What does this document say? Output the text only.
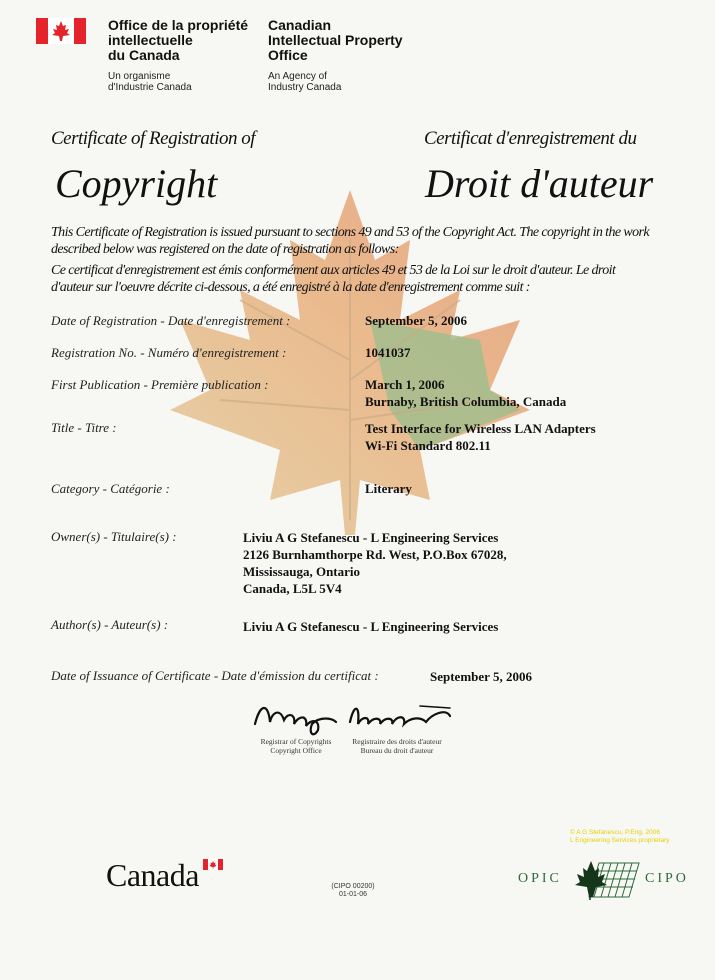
Office de la propriété
intellectuelle
du Canada
Un organisme
d'Industrie Canada
Canadian
Intellectual Property
Office
An Agency of
Industry Canada
Certificate of Registration of	Certificat d'enregistrement du
Copyright	Droit d'auteur
This Certificate of Registration is issued pursuant to sections 49 and 53 of the Copyright Act. The copyright in the work described below was registered on the date of registration as follows:
Ce certificat d'enregistrement est émis conformément aux articles 49 et 53 de la Loi sur le droit d'auteur. Le droit d'auteur sur l'oeuvre décrite ci-dessous, a été enregistré à la date d'enregistrement comme suit :
Date of Registration - Date d'enregistrement :	September 5, 2006
Registration No. - Numéro d'enregistrement :	1041037
First Publication - Première publication :	March 1, 2006
Burnaby, British Columbia, Canada
Title - Titre :	Test Interface for Wireless LAN Adapters
Wi-Fi Standard 802.11
Category - Catégorie :	Literary
Owner(s) - Titulaire(s) :	Liviu A G Stefanescu - L Engineering Services
2126 Burnhamthorpe Rd. West, P.O.Box 67028,
Mississauga, Ontario
Canada, L5L 5V4
Author(s) - Auteur(s) :	Liviu A G Stefanescu - L Engineering Services
Date of Issuance of Certificate - Date d'émission du certificat :	September 5, 2006
Registrar of Copyrights
Copyright Office
Registraire des droits d'auteur
Bureau du droit d'auteur
Canada	(CIPO 00200)
01-01-06
© A G Stefanescu, P.Eng, 2006
L Engineering Services proprietary
OPIC	CIPO
